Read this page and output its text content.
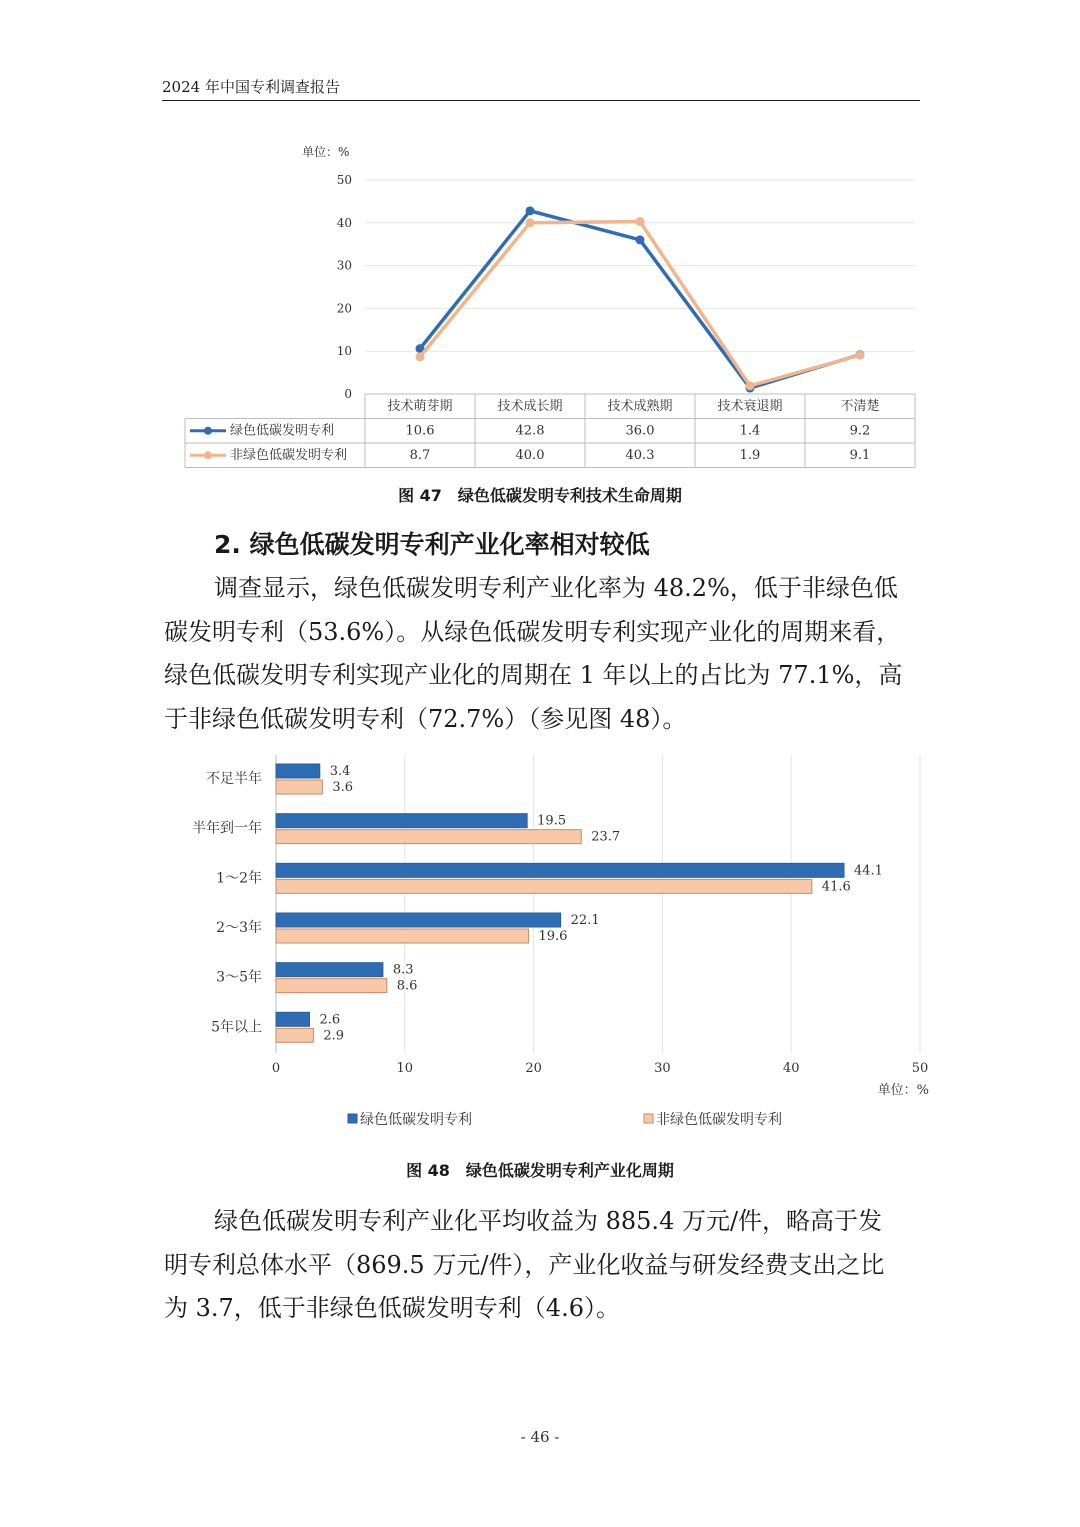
2024 年中国专利调查报告
单位：%
0
10
20
30
40
50
技术萌芽期	技术成长期	技术成熟期	技术衰退期	不清楚
绿色低碳发明专利	10.6	42.8	36.0	1.4	9.2
非绿色低碳发明专利	8.7	40.0	40.3	1.9	9.1
图 47　绿色低碳发明专利技术生命周期
2. 绿色低碳发明专利产业化率相对较低

调查显示，绿色低碳发明专利产业化率为 48.2%，低于非绿色低
碳发明专利（53.6%）。从绿色低碳发明专利实现产业化的周期来看，
绿色低碳发明专利实现产业化的周期在 1 年以上的占比为 77.1%，高
于非绿色低碳发明专利（72.7%）（参见图 48）。

0	10	20	30	40	50
单位：%
不足半年	3.4
3.6
半年到一年	19.5
23.7
1～2年	44.1
41.6
2～3年	22.1
19.6
3～5年	8.3
8.6
5年以上	2.6
2.9
绿色低碳发明专利	非绿色低碳发明专利
图 48　绿色低碳发明专利产业化周期

绿色低碳发明专利产业化平均收益为 885.4 万元/件，略高于发
明专利总体水平（869.5 万元/件），产业化收益与研发经费支出之比
为 3.7，低于非绿色低碳发明专利（4.6）。

- 46 -
